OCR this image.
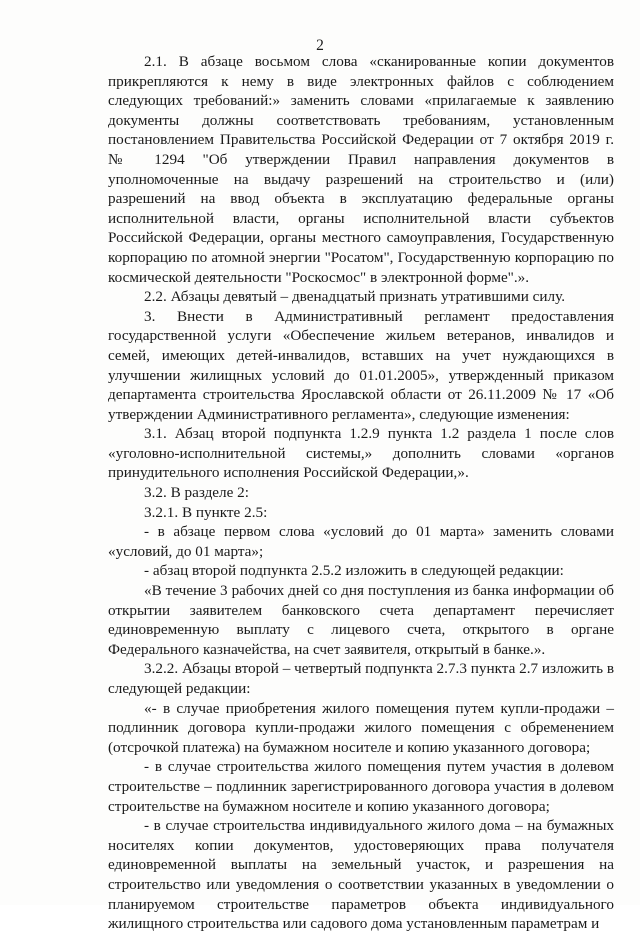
2

2.1. В абзаце восьмом слова «сканированные копии документов прикрепляются к нему в виде электронных файлов с соблюдением следующих требований:» заменить словами «прилагаемые к заявлению документы должны соответствовать требованиям, установленным постановлением Правительства Российской Федерации от 7 октября 2019 г. № 1294 "Об утверждении Правил направления документов в уполномоченные на выдачу разрешений на строительство и (или) разрешений на ввод объекта в эксплуатацию федеральные органы исполнительной власти, органы исполнительной власти субъектов Российской Федерации, органы местного самоуправления, Государственную корпорацию по атомной энергии "Росатом", Государственную корпорацию по космической деятельности "Роскосмос" в электронной форме".».

2.2. Абзацы девятый – двенадцатый признать утратившими силу.

3. Внести в Административный регламент предоставления государственной услуги «Обеспечение жильем ветеранов, инвалидов и семей, имеющих детей-инвалидов, вставших на учет нуждающихся в улучшении жилищных условий до 01.01.2005», утвержденный приказом департамента строительства Ярославской области от 26.11.2009 № 17 «Об утверждении Административного регламента», следующие изменения:

3.1. Абзац второй подпункта 1.2.9 пункта 1.2 раздела 1 после слов «уголовно-исполнительной системы,» дополнить словами «органов принудительного исполнения Российской Федерации,».

3.2. В разделе 2:

3.2.1. В пункте 2.5:

- в абзаце первом слова «условий до 01 марта» заменить словами «условий, до 01 марта»;

- абзац второй подпункта 2.5.2 изложить в следующей редакции:

«В течение 3 рабочих дней со дня поступления из банка информации об открытии заявителем банковского счета департамент перечисляет единовременную выплату с лицевого счета, открытого в органе Федерального казначейства, на счет заявителя, открытый в банке.».

3.2.2. Абзацы второй – четвертый подпункта 2.7.3 пункта 2.7 изложить в следующей редакции:

«- в случае приобретения жилого помещения путем купли-продажи – подлинник договора купли-продажи жилого помещения с обременением (отсрочкой платежа) на бумажном носителе и копию указанного договора;

- в случае строительства жилого помещения путем участия в долевом строительстве – подлинник зарегистрированного договора участия в долевом строительстве на бумажном носителе и копию указанного договора;

- в случае строительства индивидуального жилого дома – на бумажных носителях копии документов, удостоверяющих права получателя единовременной выплаты на земельный участок, и разрешения на строительство или уведомления о соответствии указанных в уведомлении о планируемом строительстве параметров объекта индивидуального жилищного строительства или садового дома установленным параметрам и
